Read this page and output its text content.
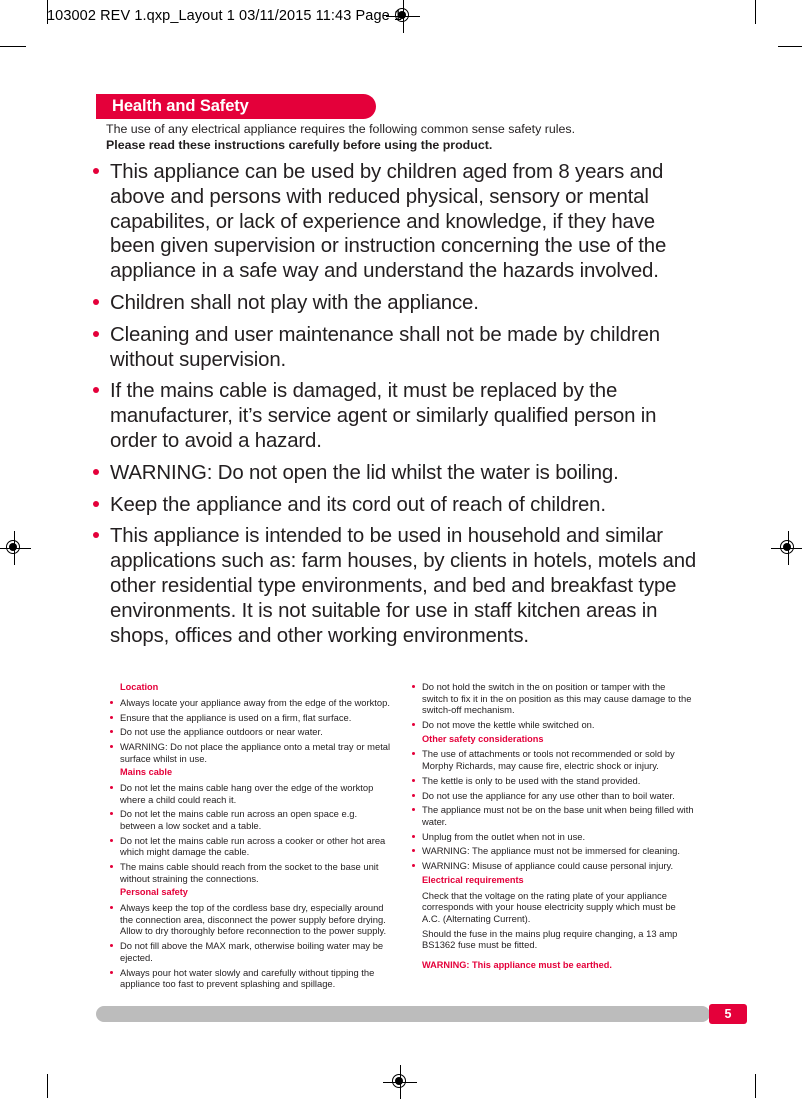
103002 REV 1.qxp_Layout 1 03/11/2015 11:43 Page 1
Health and Safety
The use of any electrical appliance requires the following common sense safety rules.
Please read these instructions carefully before using the product.
This appliance can be used by children aged from 8 years and above and persons with reduced physical, sensory or mental capabilites, or lack of experience and knowledge, if they have been given supervision or instruction concerning the use of the appliance in a safe way and understand the hazards involved.
Children shall not play with the appliance.
Cleaning and user maintenance shall not be made by children without supervision.
If the mains cable is damaged, it must be replaced by the manufacturer, it’s service agent or similarly qualified person in order to avoid a hazard.
WARNING: Do not open the lid whilst the water is boiling.
Keep the appliance and its cord out of reach of children.
This appliance is intended to be used in household and similar applications such as: farm houses, by clients in hotels, motels and other residential type environments, and bed and breakfast type environments. It is not suitable for use in staff kitchen areas in shops, offices and other working environments.
Location
Always locate your appliance away from the edge of the worktop.
Ensure that the appliance is used on a firm, flat surface.
Do not use the appliance outdoors or near water.
WARNING: Do not place the appliance onto a metal tray or metal surface whilst in use.
Mains cable
Do not let the mains cable hang over the edge of the worktop where a child could reach it.
Do not let the mains cable run across an open space e.g. between a low socket and a table.
Do not let the mains cable run across a cooker or other hot area which might damage the cable.
The mains cable should reach from the socket to the base unit without straining the connections.
Personal safety
Always keep the top of the cordless base dry, especially around the connection area, disconnect the power supply before drying. Allow to dry thoroughly before reconnection to the power supply.
Do not fill above the MAX mark, otherwise boiling water may be ejected.
Always pour hot water slowly and carefully without tipping the appliance too fast to prevent splashing and spillage.
Do not hold the switch in the on position or tamper with the switch to fix it in the on position as this may cause damage to the switch-off mechanism.
Do not move the kettle while switched on.
Other safety considerations
The use of attachments or tools not recommended or sold by Morphy Richards, may cause fire, electric shock or injury.
The kettle is only to be used with the stand provided.
Do not use the appliance for any use other than to boil water.
The appliance must not be on the base unit when being filled with water.
Unplug from the outlet when not in use.
WARNING: The appliance must not be immersed for cleaning.
WARNING: Misuse of appliance could cause personal injury.
Electrical requirements
Check that the voltage on the rating plate of your appliance corresponds with your house electricity supply which must be A.C. (Alternating Current).
Should the fuse in the mains plug require changing, a 13 amp BS1362 fuse must be fitted.
WARNING: This appliance must be earthed.
5
